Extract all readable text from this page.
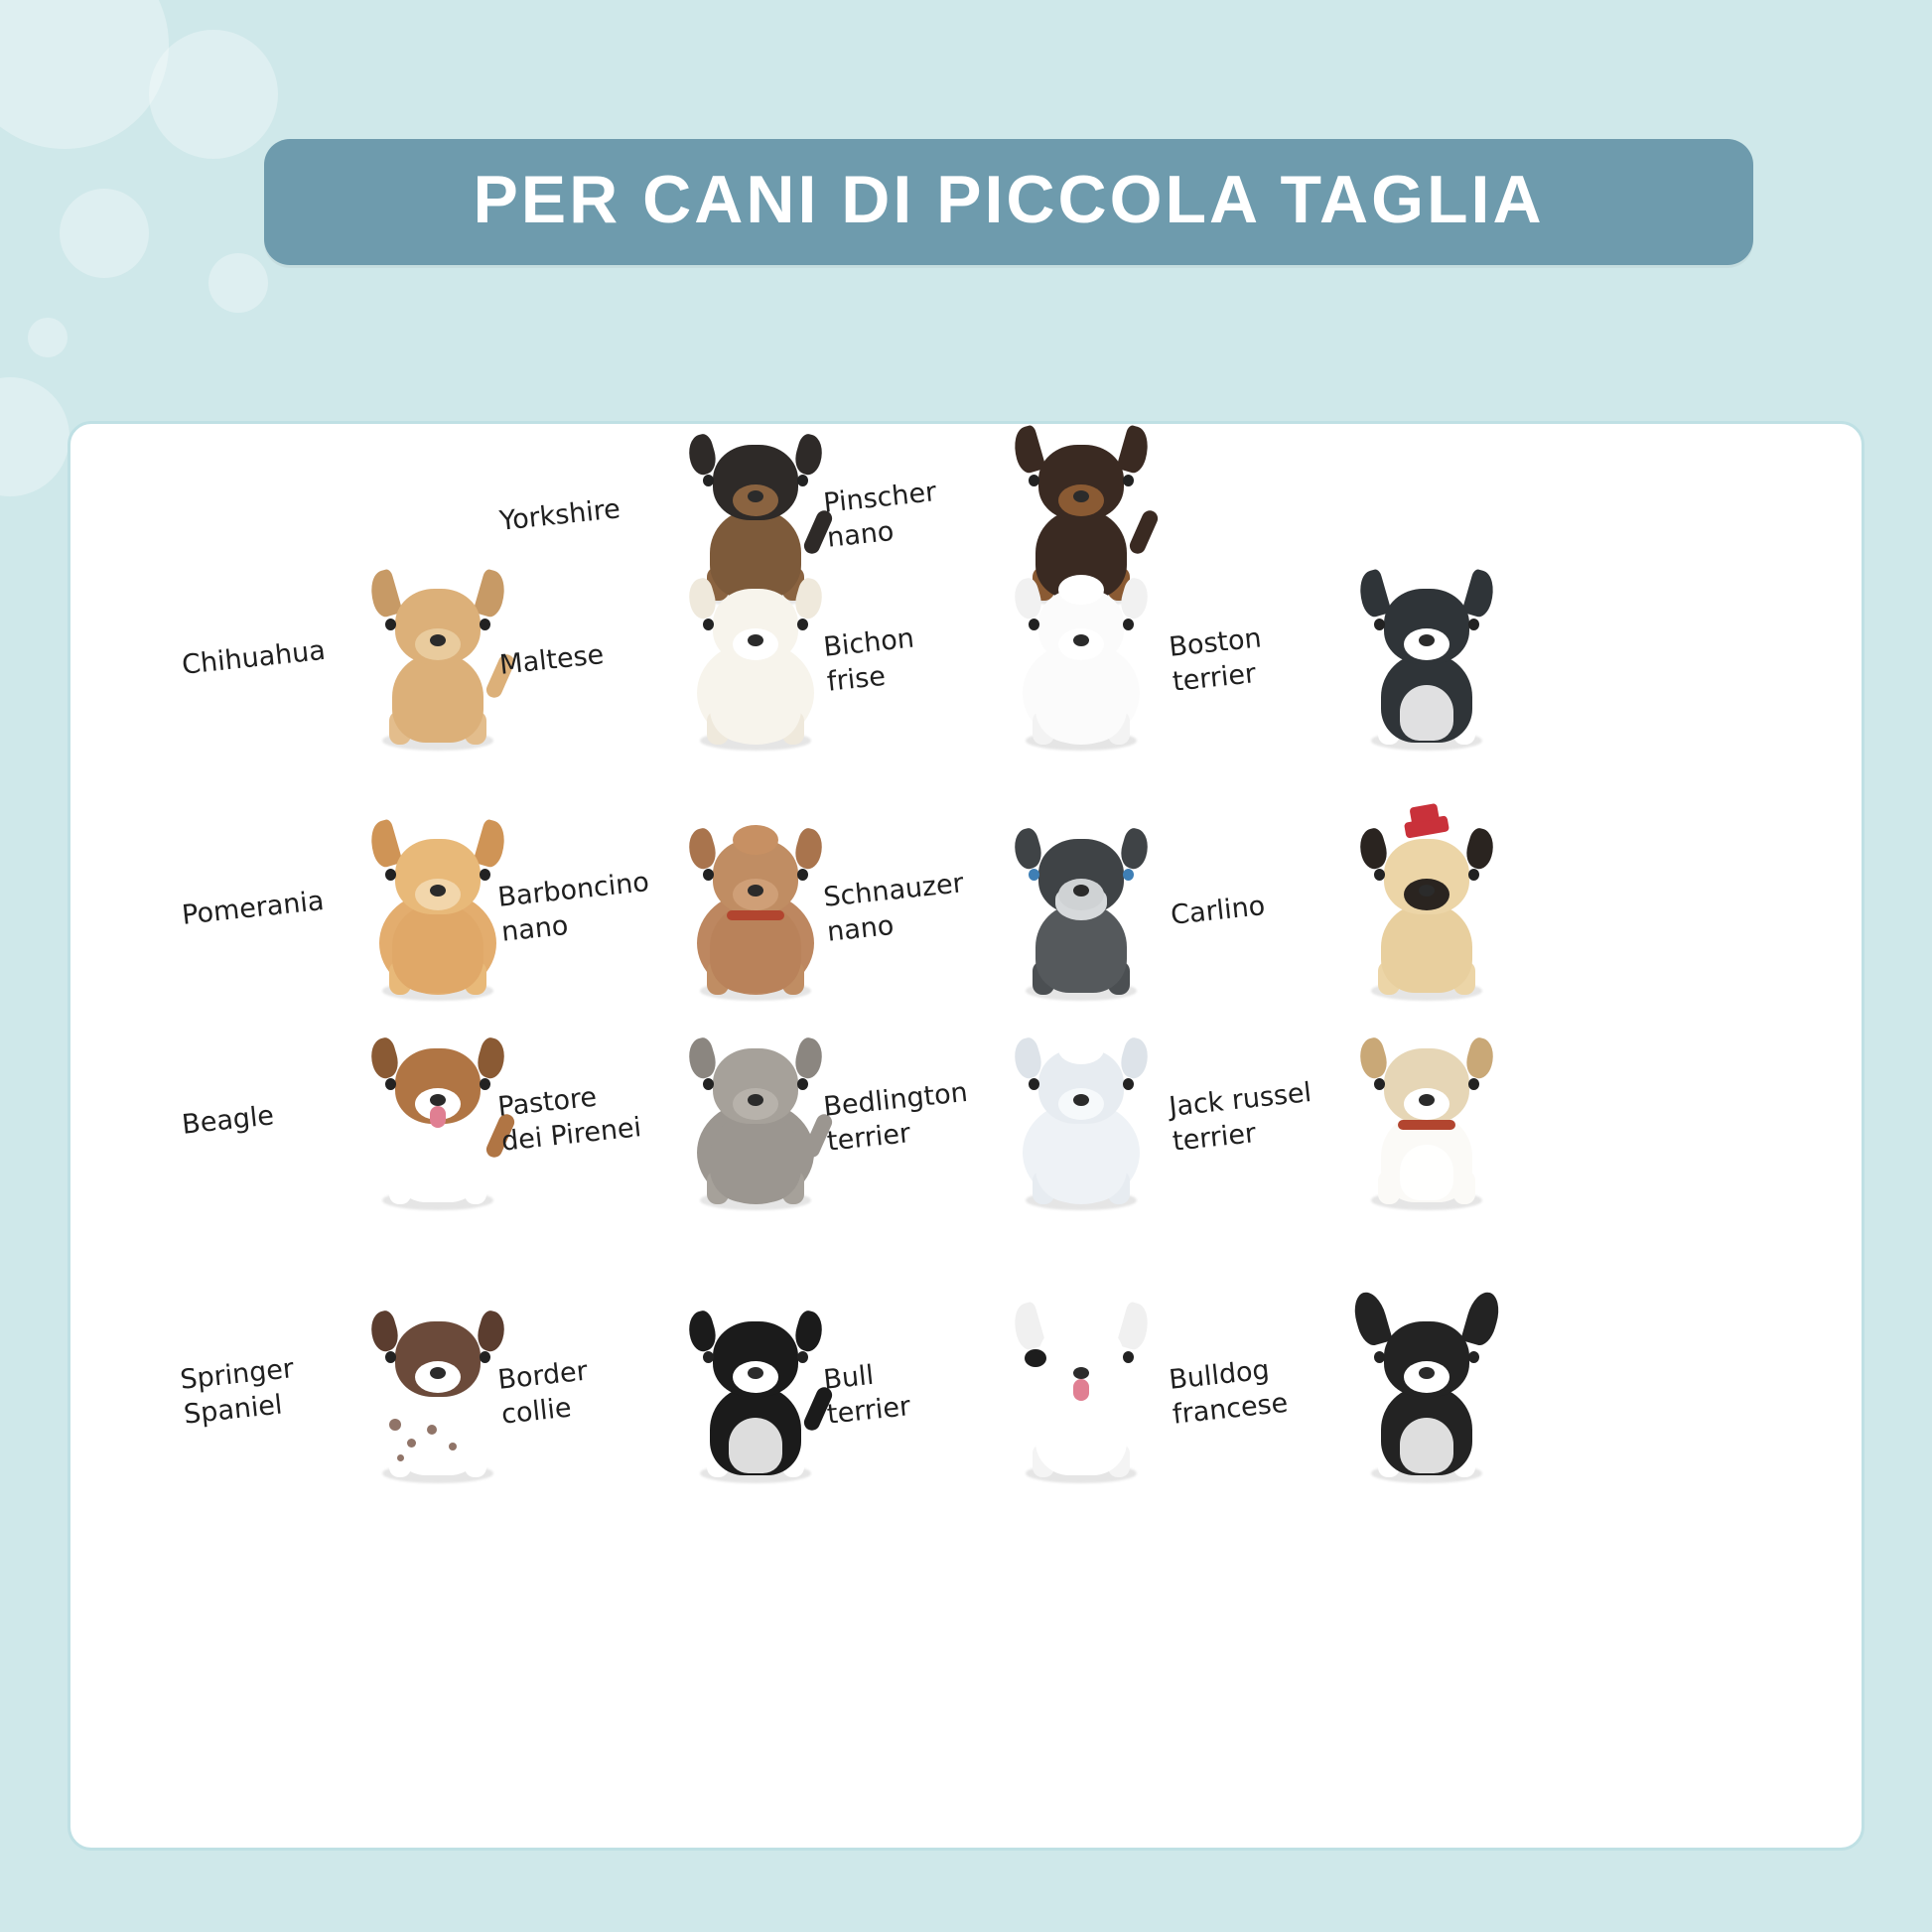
PER CANI DI PICCOLA TAGLIA
Yorkshire	Pinscher nano
Chihuahua	Maltese	Bichon
frise
Boston
terrier
Pomerania	Barboncino nano
Schnauzer
nano	Carlino
Beagle	Pastore
dei Pirenei
Bedlington
terrier
Jack russel
terrier
Springer
Spaniel
Border
collie
Bull
terrier
Bulldog
francese
